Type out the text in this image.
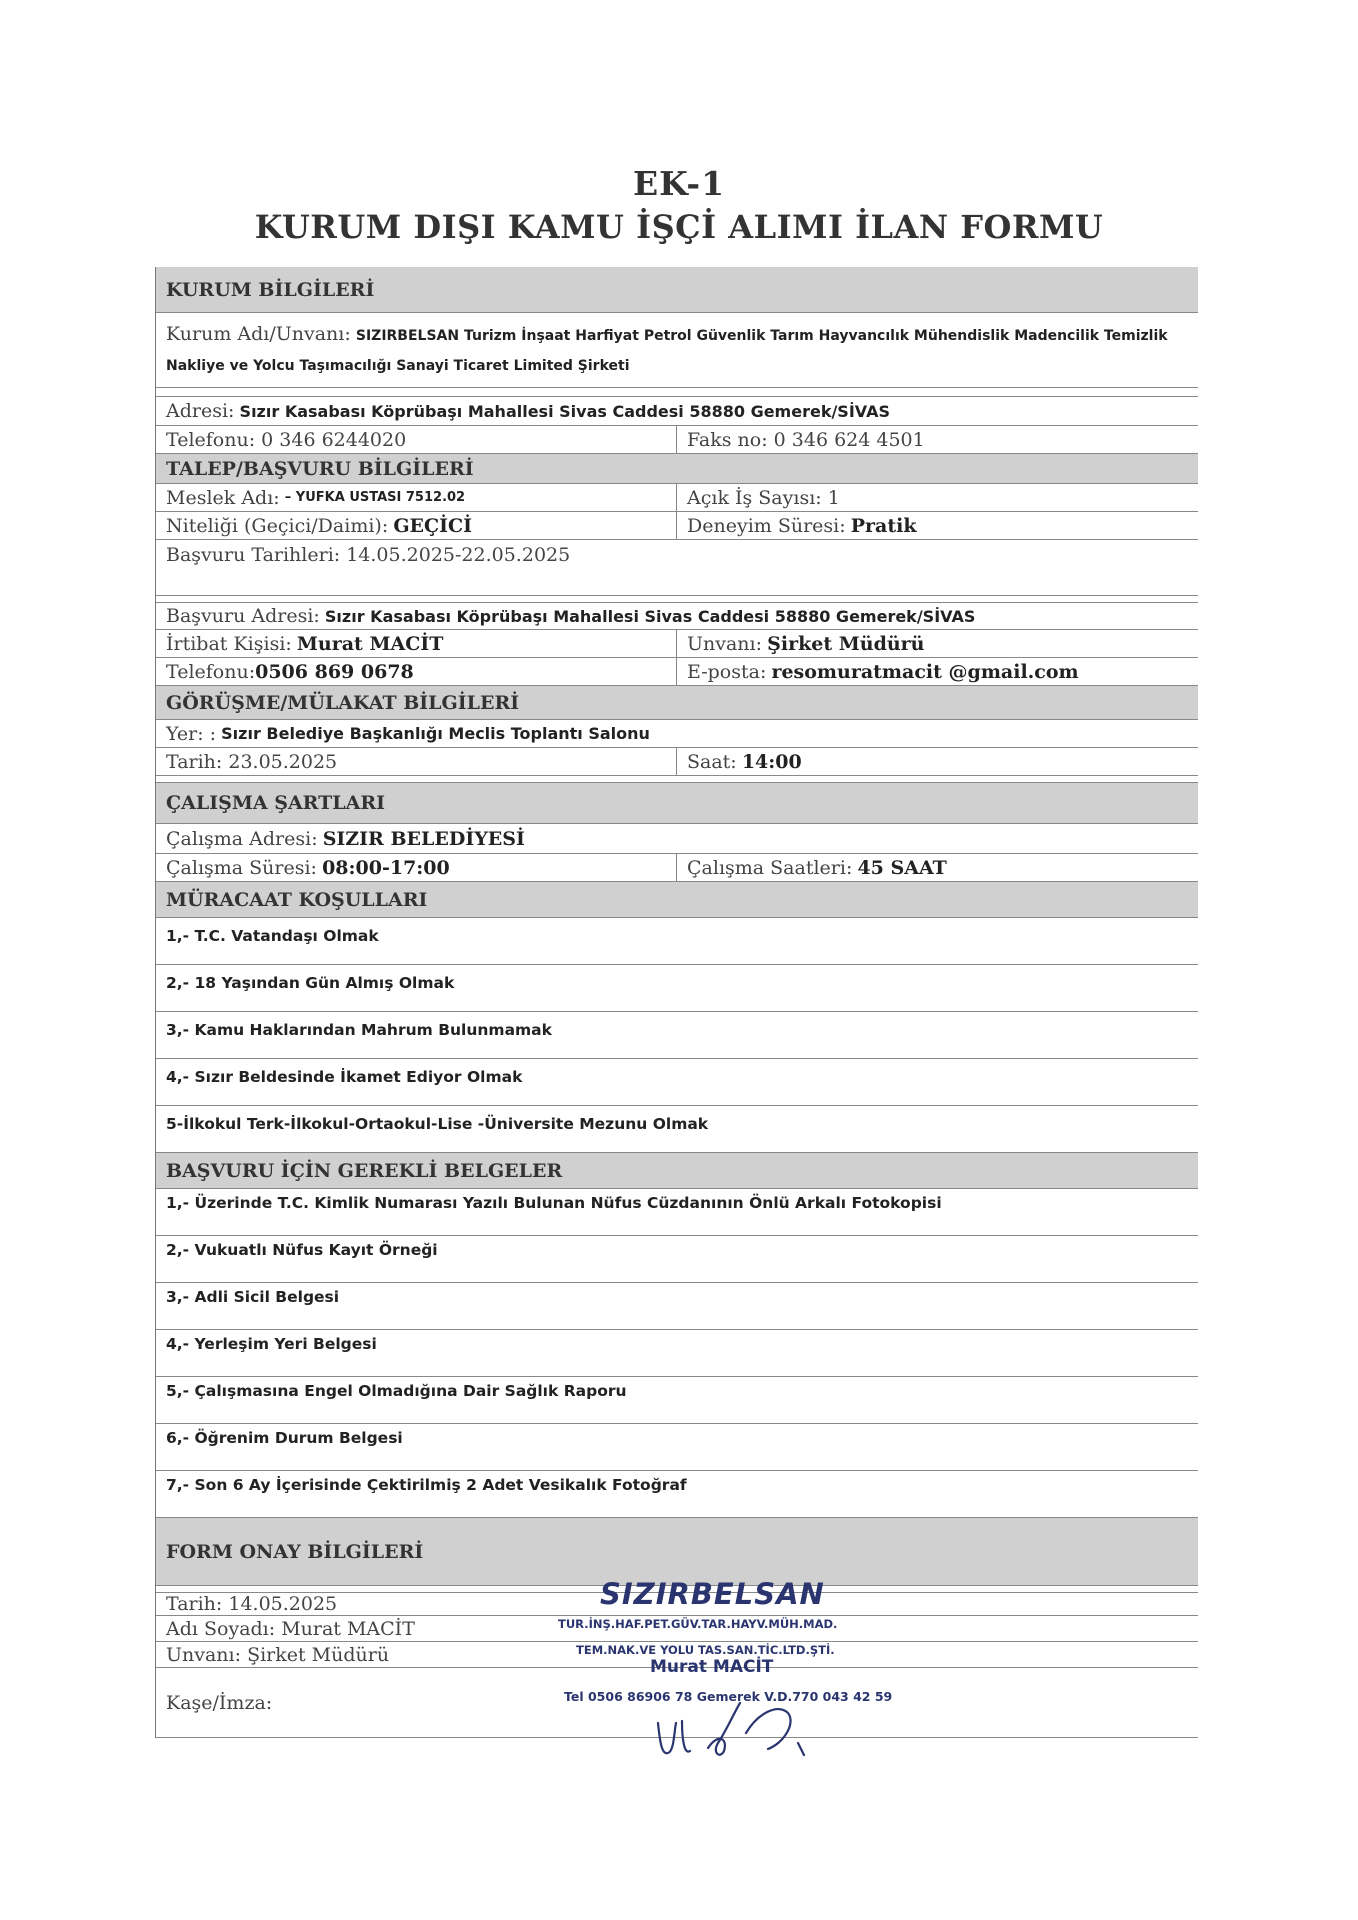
EK-1
KURUM DIŞI KAMU İŞÇİ ALIMI İLAN FORMU
KURUM BİLGİLERİ
Kurum Adı/Unvanı: SIZIRBELSAN Turizm İnşaat Harfiyat Petrol Güvenlik Tarım Hayvancılık Mühendislik Madencilik Temizlik
Nakliye ve Yolcu Taşımacılığı Sanayi Ticaret Limited Şirketi
Adresi:
Sızır Kasabası Köprübaşı Mahallesi Sivas Caddesi 58880 Gemerek/SİVAS
Telefonu: 0 346 6244020	Faks no: 0 346 624 4501
TALEP/BAŞVURU BİLGİLERİ
Meslek Adı:
– YUFKA USTASI 7512.02	Açık İş Sayısı: 1
Niteliği (Geçici/Daimi):
GEÇİCİ	Deneyim Süresi:
Pratik
Başvuru Tarihleri: 14.05.2025-22.05.2025
Başvuru Adresi:
Sızır Kasabası Köprübaşı Mahallesi Sivas Caddesi 58880 Gemerek/SİVAS
İrtibat Kişisi:
Murat MACİT	Unvanı:
Şirket Müdürü
Telefonu: 0506 869 0678	E-posta:
resomuratmacit @gmail.com
GÖRÜŞME/MÜLAKAT BİLGİLERİ
Yer: :
Sızır Belediye Başkanlığı Meclis Toplantı Salonu
Tarih: 23.05.2025	Saat:
14:00
ÇALIŞMA ŞARTLARI
Çalışma Adresi:
SIZIR BELEDİYESİ
Çalışma Süresi:
08:00-17:00	Çalışma Saatleri:
45 SAAT
MÜRACAAT KOŞULLARI
1,- T.C. Vatandaşı Olmak
2,- 18 Yaşından Gün Almış Olmak
3,- Kamu Haklarından Mahrum Bulunmamak
4,- Sızır Beldesinde İkamet Ediyor Olmak
5-İlkokul Terk-İlkokul-Ortaokul-Lise -Üniversite Mezunu Olmak
BAŞVURU İÇİN GEREKLİ BELGELER
1,- Üzerinde T.C. Kimlik Numarası Yazılı Bulunan Nüfus Cüzdanının Önlü Arkalı Fotokopisi
2,- Vukuatlı Nüfus Kayıt Örneği
3,- Adli Sicil Belgesi
4,- Yerleşim Yeri Belgesi
5,- Çalışmasına Engel Olmadığına Dair Sağlık Raporu
6,- Öğrenim Durum Belgesi
7,- Son 6 Ay İçerisinde Çektirilmiş 2 Adet Vesikalık Fotoğraf
FORM ONAY BİLGİLERİ
Tarih: 14.05.2025
Adı Soyadı: Murat MACİT
Unvanı: Şirket Müdürü
Kaşe/İmza:
SIZIRBELSAN
TUR.İNŞ.HAF.PET.GÜV.TAR.HAYV.MÜH.MAD.
TEM.NAK.VE YOLU TAS.SAN.TİC.LTD.ŞTİ.
Murat MACİT
Tel 0506 86906 78 Gemerek V.D.770 043 42 59
